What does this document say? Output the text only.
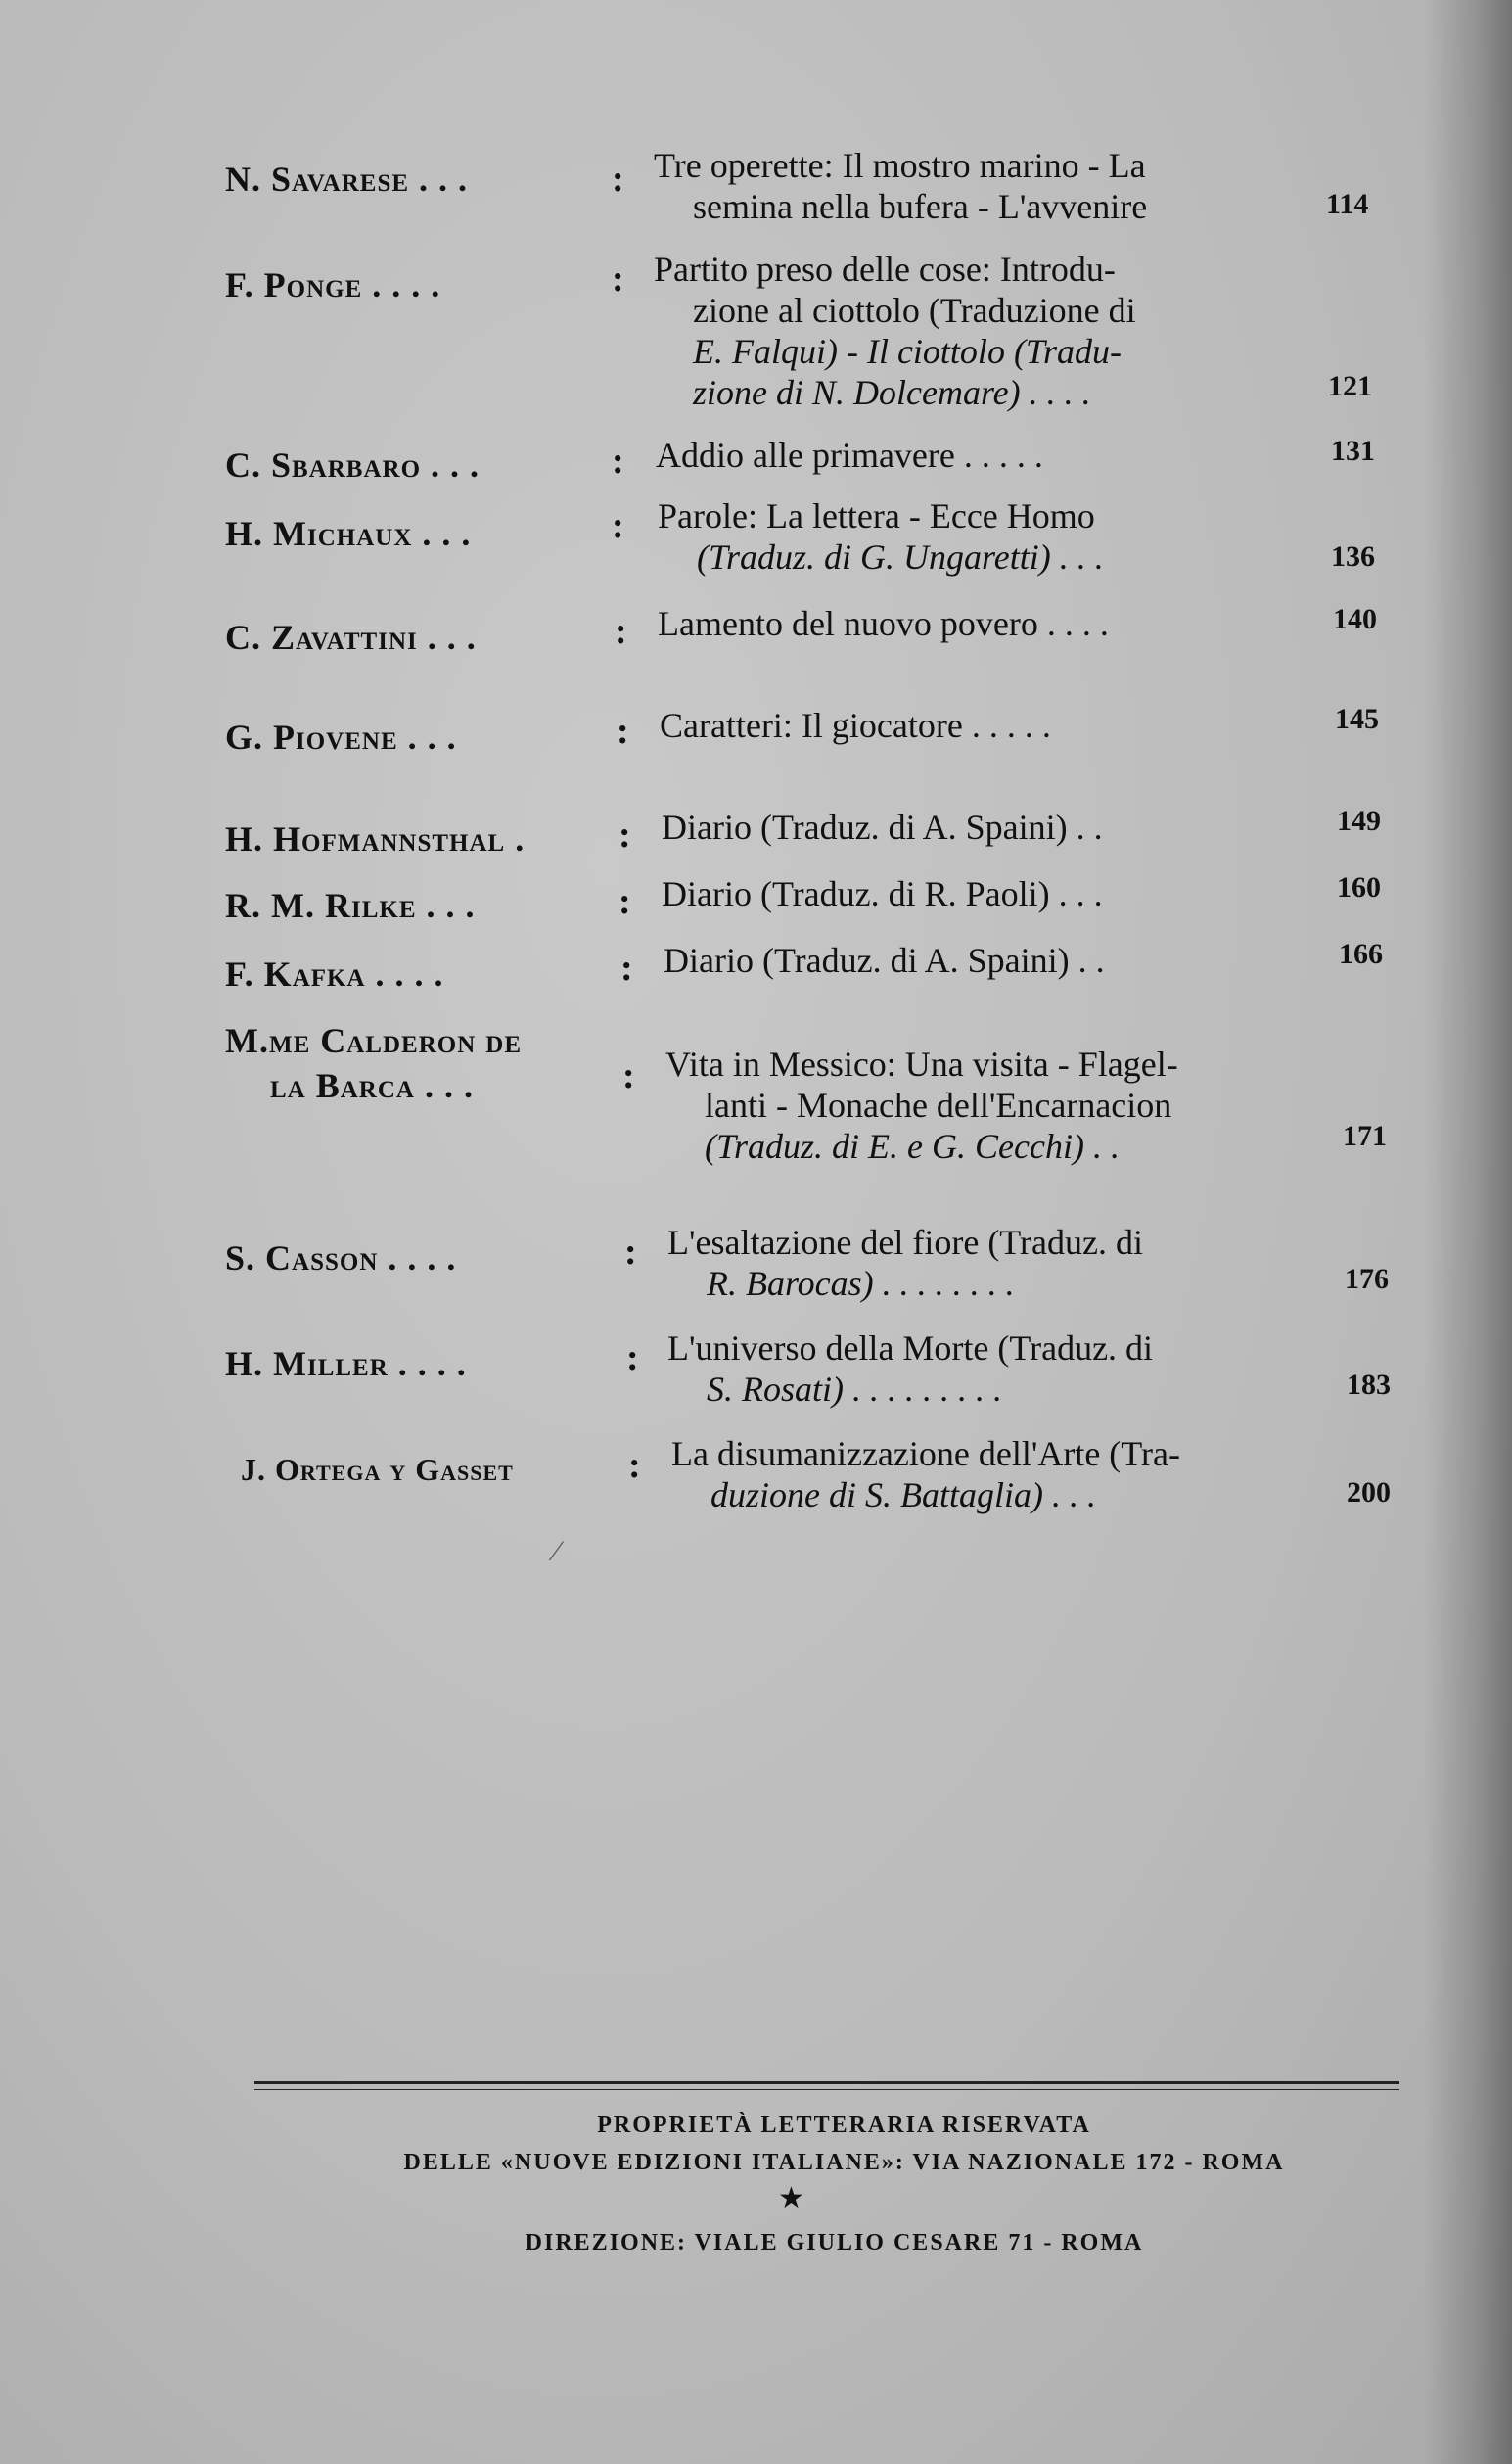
N. Savarese . . .	: Tre operette: Il mostro marino - La
semina nella bufera - L'avvenire	114
F. Ponge . . . .	: Partito preso delle cose: Introdu-
zione al ciottolo (Traduzione di
E. Falqui) - Il ciottolo (Tradu-
zione di N. Dolcemare) . . . .	121
C. Sbarbaro . . .	: Addio alle primavere . . . . .	131
H. Michaux . . .	: Parole: La lettera - Ecce Homo
(Traduz. di G. Ungaretti) . . .	136
C. Zavattini . . .	: Lamento del nuovo povero . . . .	140
G. Piovene . . .	: Caratteri: Il giocatore . . . . .	145
H. Hofmannsthal .	: Diario (Traduz. di A. Spaini) . .	149
R. M. Rilke . . .	: Diario (Traduz. di R. Paoli) . . .	160
F. Kafka . . . .	: Diario (Traduz. di A. Spaini) . .	166
M.me Calderon de
la Barca . . .	: Vita in Messico: Una visita - Flagel-
lanti - Monache dell'Encarnacion
(Traduz. di E. e G. Cecchi) . .	171
S. Casson . . . .	: L'esaltazione del fiore (Traduz. di
R. Barocas) . . . . . . . .	176
H. Miller . . . .	: L'universo della Morte (Traduz. di
S. Rosati) . . . . . . . . .	183
J. Ortega y Gasset	: La disumanizzazione dell'Arte (Tra-
duzione di S. Battaglia) . . .	200
⁄
PROPRIETÀ LETTERARIA RISERVATA
DELLE «NUOVE EDIZIONI ITALIANE»: VIA NAZIONALE 172 - ROMA
★
DIREZIONE: VIALE GIULIO CESARE 71 - ROMA
